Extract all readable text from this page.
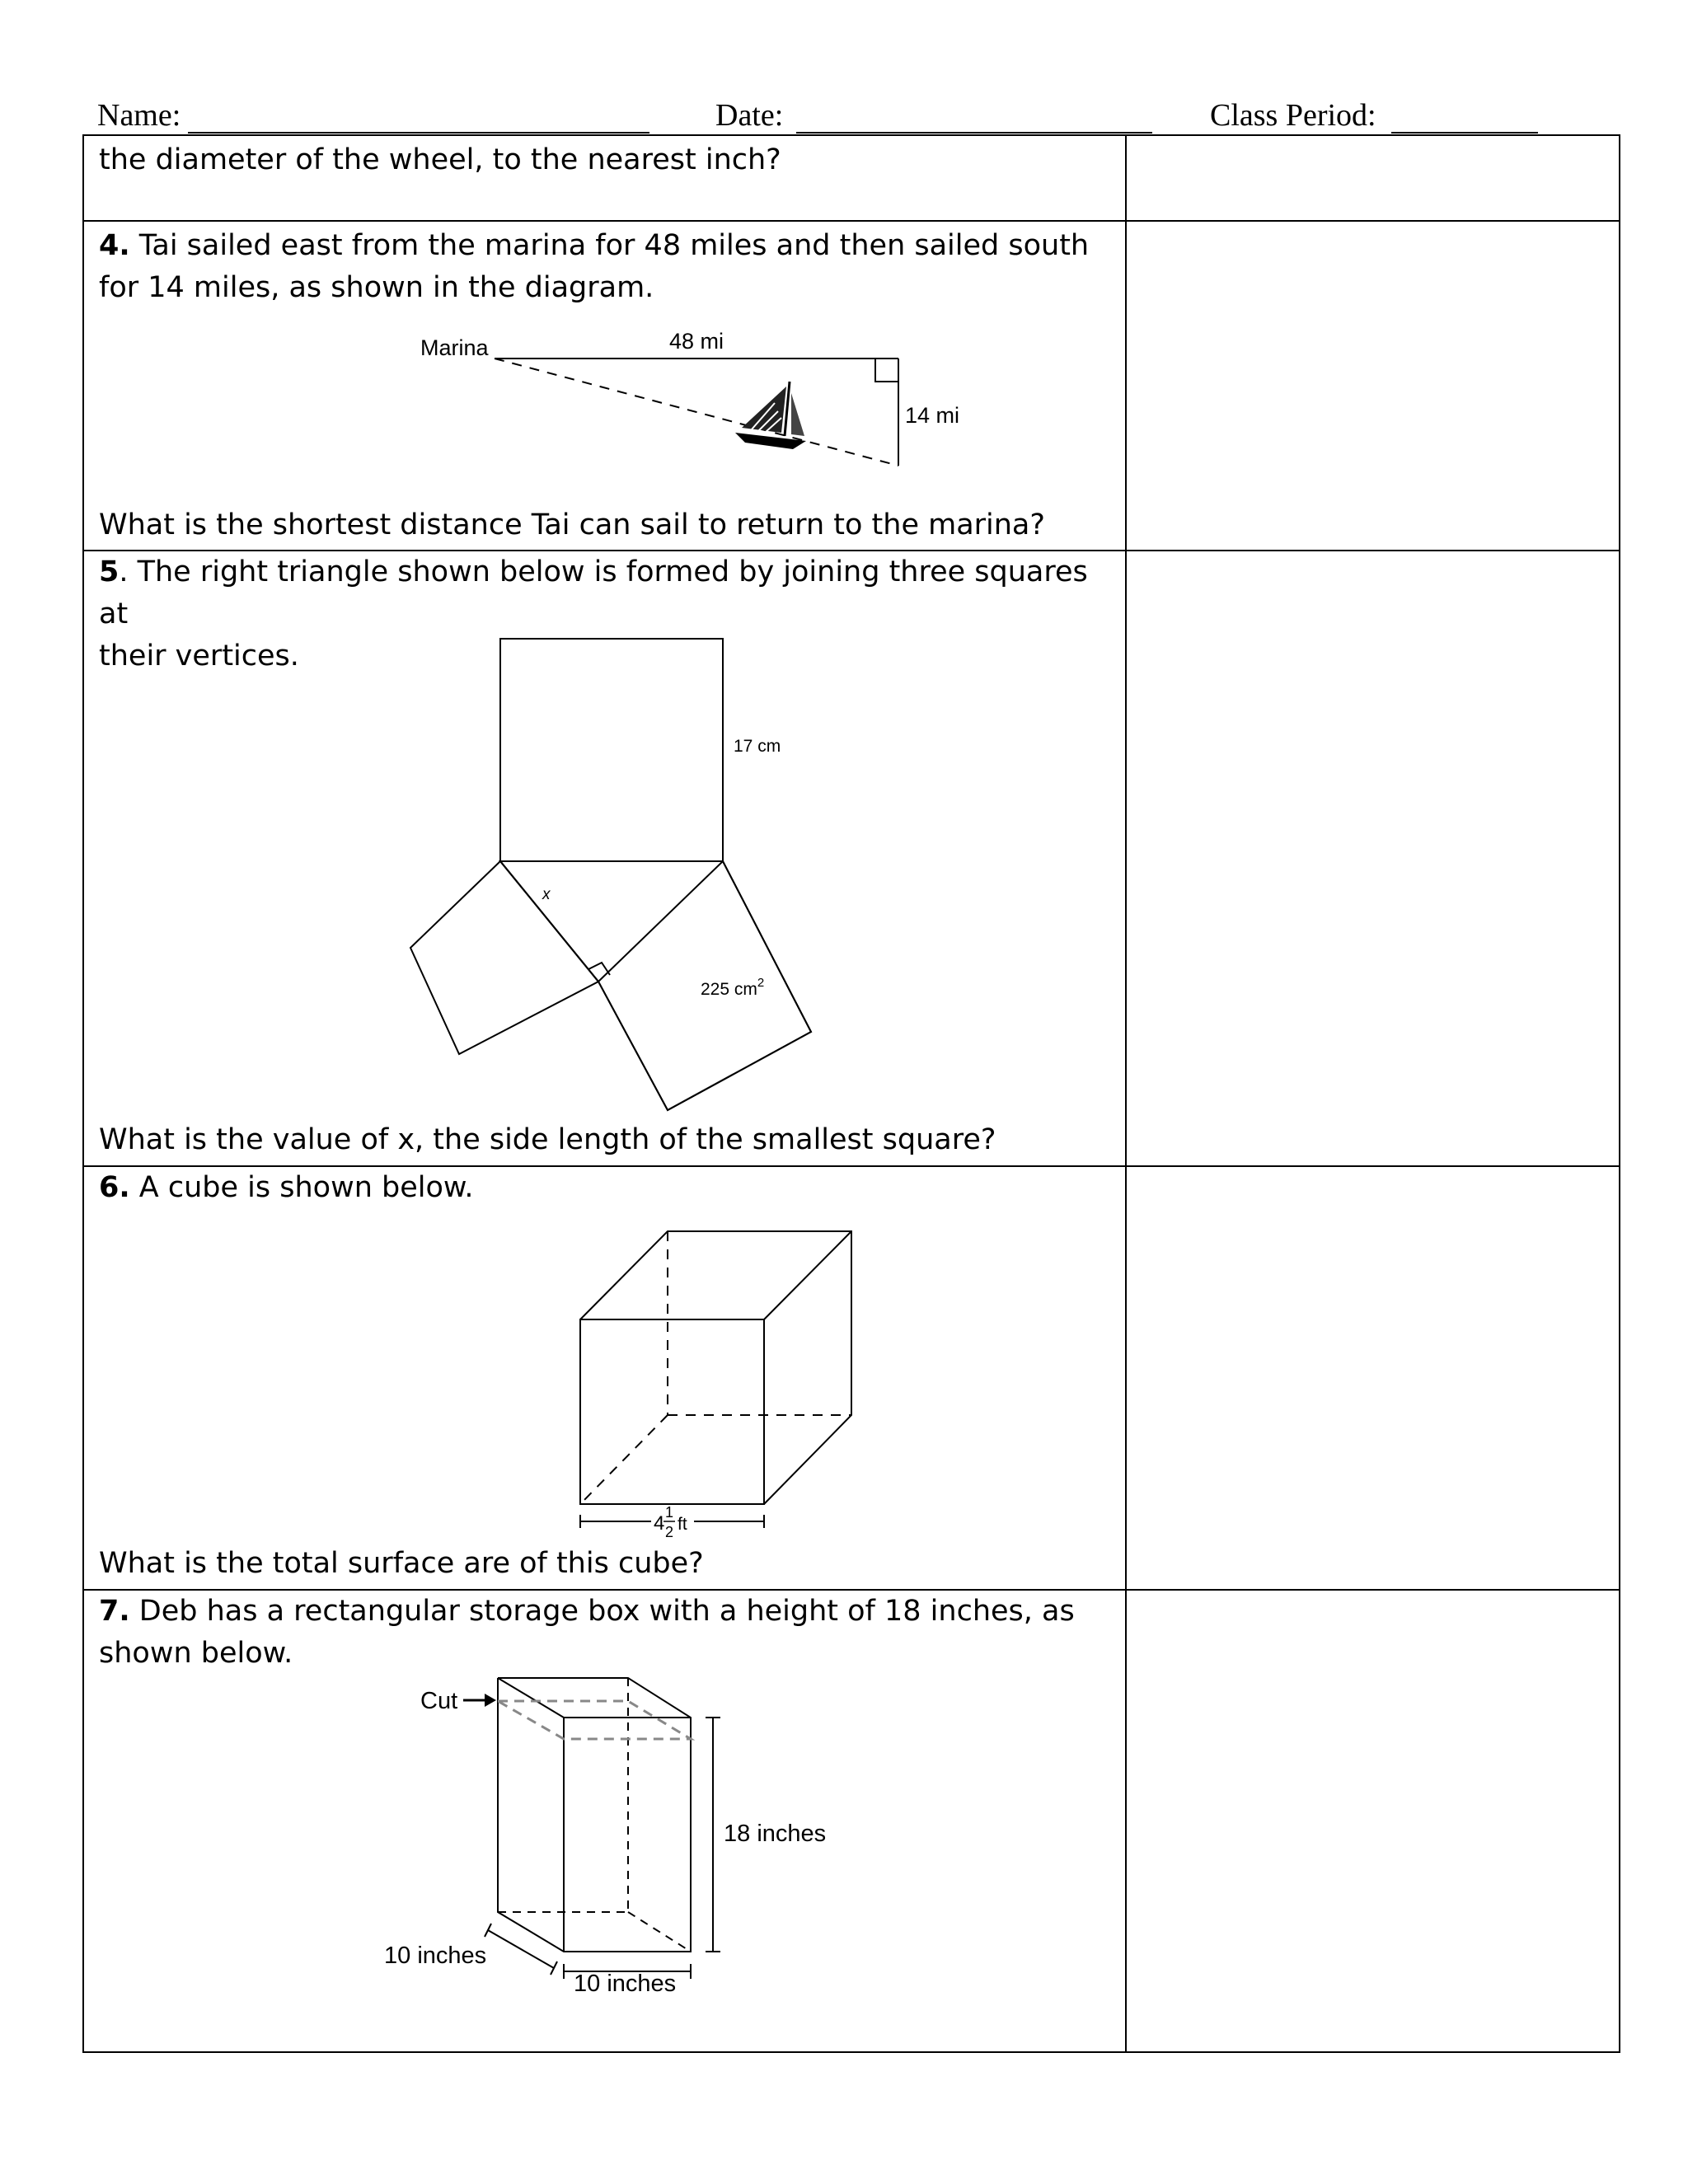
Name:	Date:	Class Period:
the diameter of the wheel, to the nearest inch?
4. Tai sailed east from the marina for 48 miles and then sailed south
for 14 miles, as shown in the diagram.
Marina	48 mi
14 mi
What is the shortest distance Tai can sail to return to the marina?
5. The right triangle shown below is formed by joining three squares at
their vertices.
17 cm
x
225 $cm^2$
What is the value of x, the side length of the smallest square?
6. A cube is shown below.
4 1
2 ft
What is the total surface are of this cube?
7. Deb has a rectangular storage box with a height of 18 inches, as
shown below.
Cut
18 inches
10 inches
10 inches
